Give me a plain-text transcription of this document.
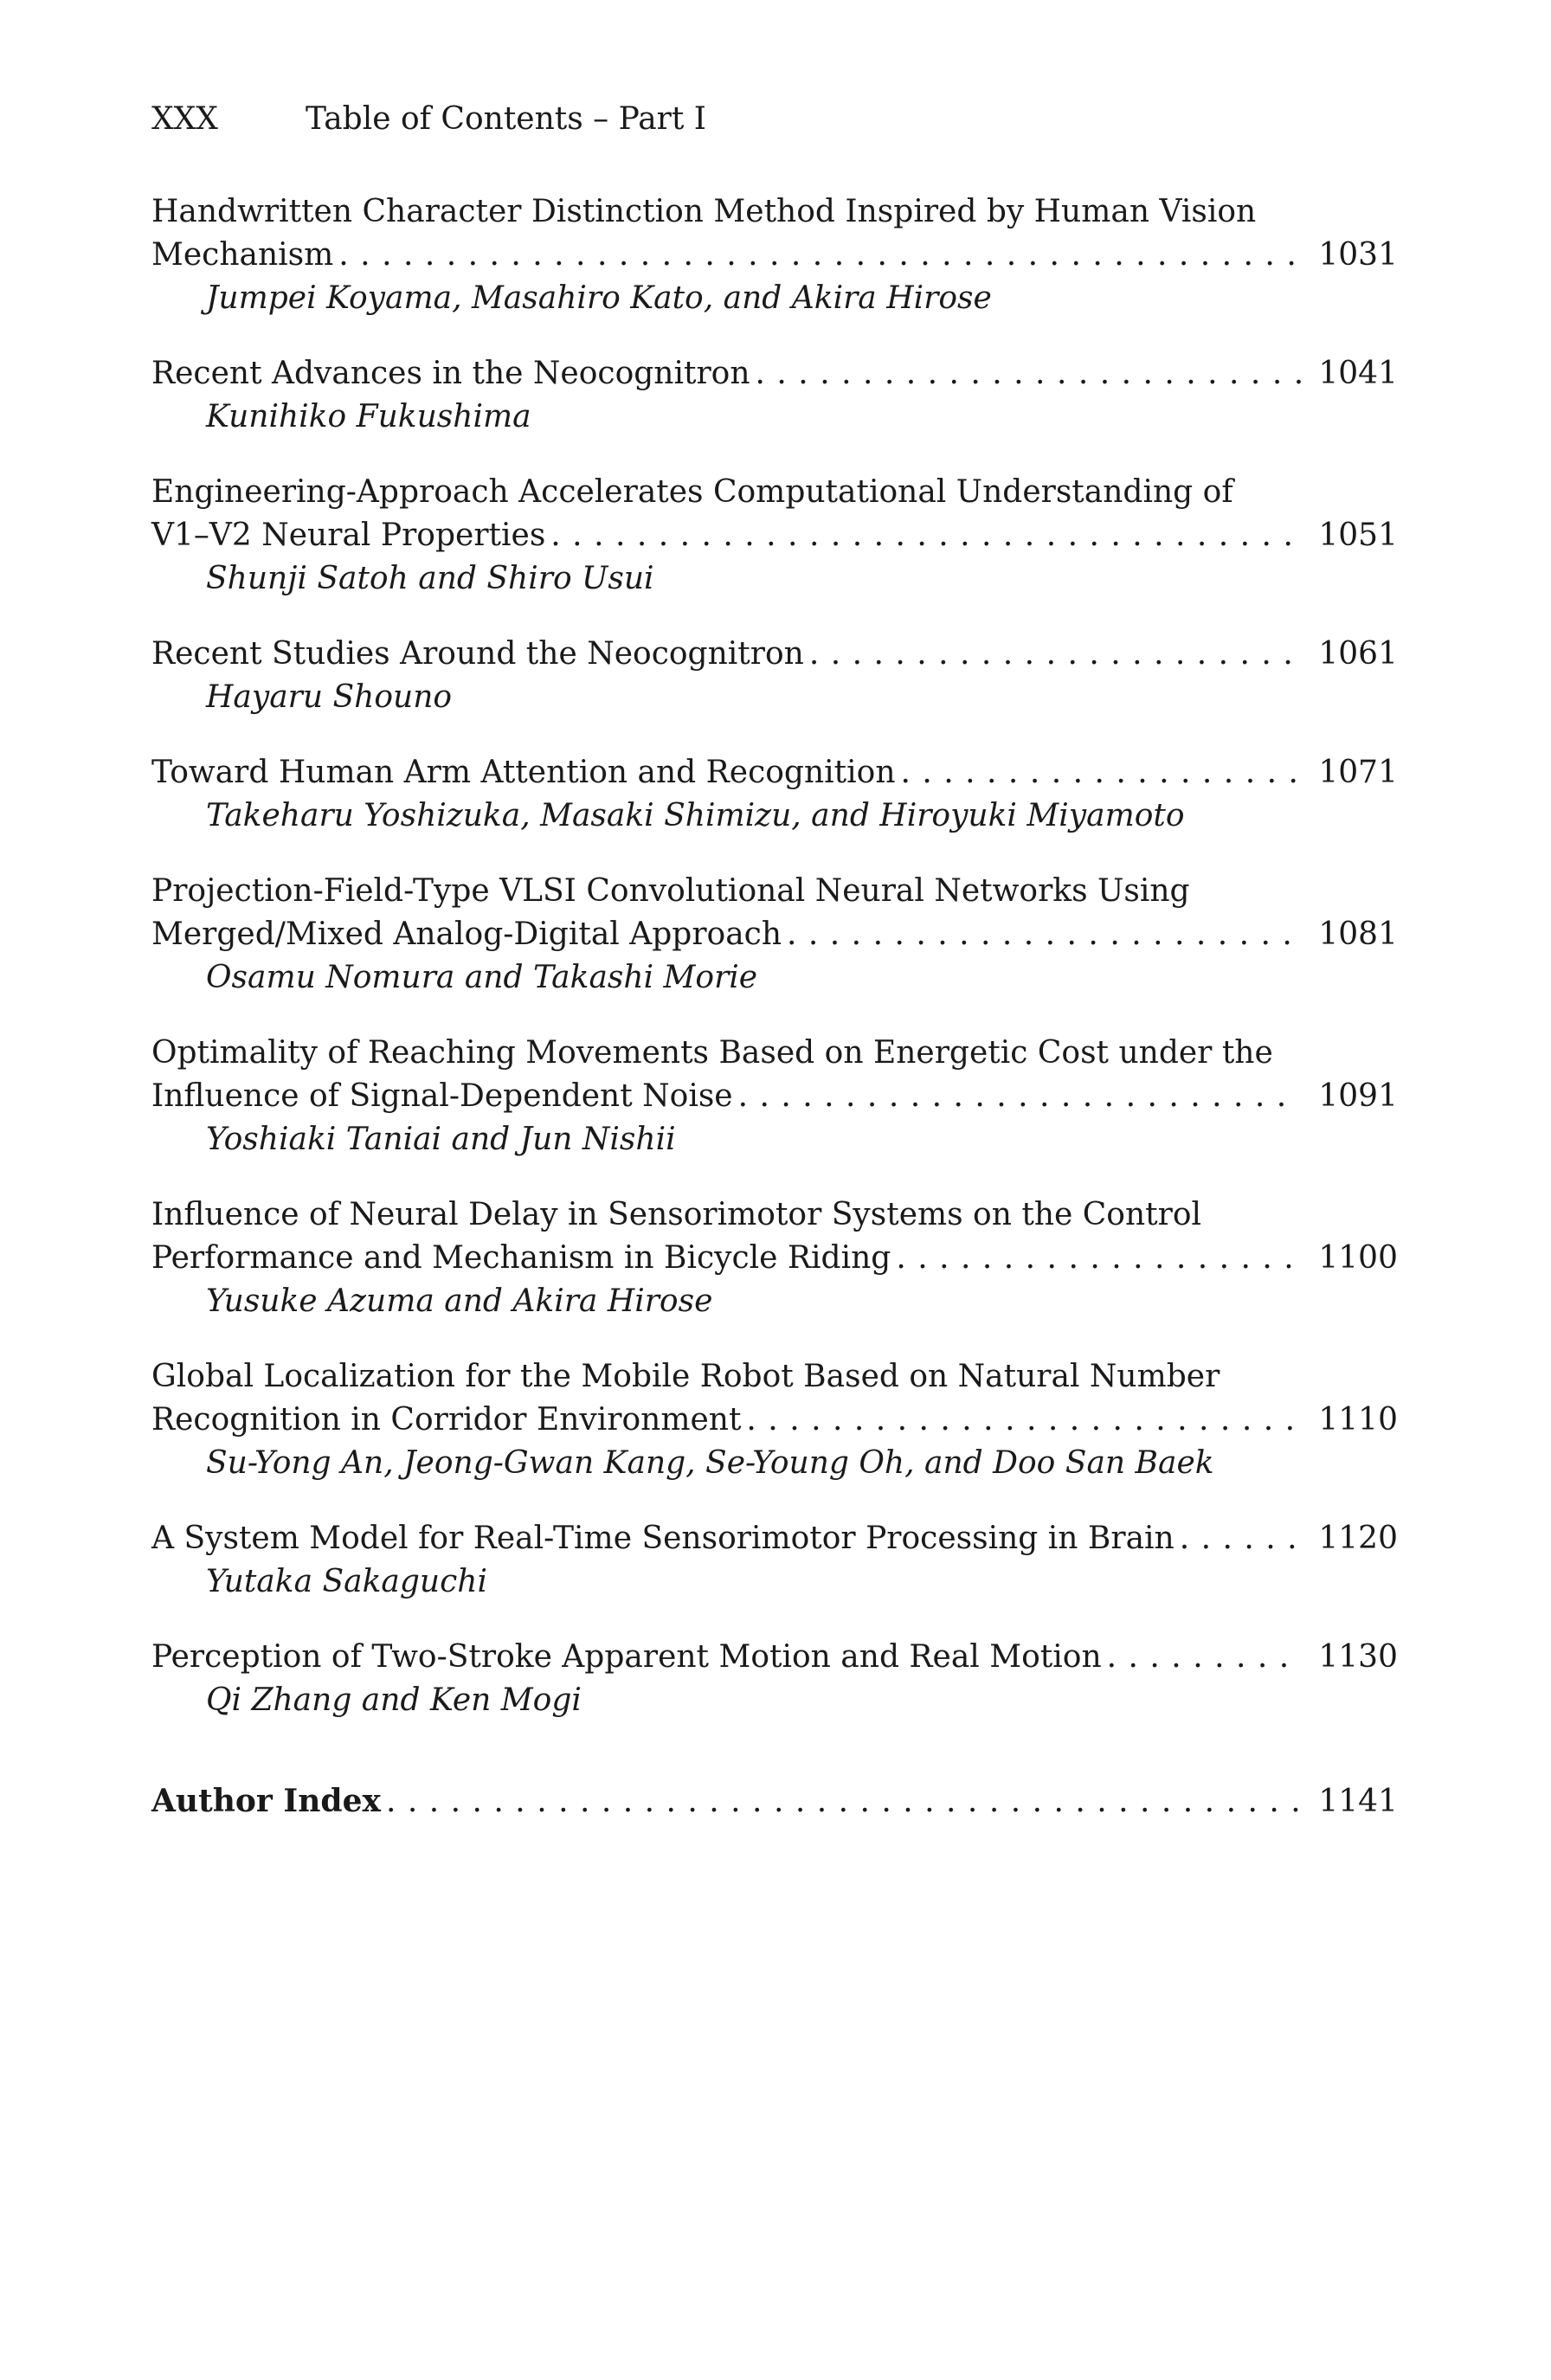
XXX	Table of Contents – Part I
Handwritten Character Distinction Method Inspired by Human Vision
Mechanism . . .	1031
Jumpei Koyama, Masahiro Kato, and Akira Hirose
Recent Advances in the Neocognitron . . .	1041
Kunihiko Fukushima
Engineering-Approach Accelerates Computational Understanding of
V1–V2 Neural Properties . . .	1051
Shunji Satoh and Shiro Usui
Recent Studies Around the Neocognitron . . .	1061
Hayaru Shouno
Toward Human Arm Attention and Recognition . . .	1071
Takeharu Yoshizuka, Masaki Shimizu, and Hiroyuki Miyamoto
Projection-Field-Type VLSI Convolutional Neural Networks Using
Merged/Mixed Analog-Digital Approach . . .	1081
Osamu Nomura and Takashi Morie
Optimality of Reaching Movements Based on Energetic Cost under the
Influence of Signal-Dependent Noise . . .	1091
Yoshiaki Taniai and Jun Nishii
Influence of Neural Delay in Sensorimotor Systems on the Control
Performance and Mechanism in Bicycle Riding . . .	1100
Yusuke Azuma and Akira Hirose
Global Localization for the Mobile Robot Based on Natural Number
Recognition in Corridor Environment . . .	1110
Su-Yong An, Jeong-Gwan Kang, Se-Young Oh, and Doo San Baek
A System Model for Real-Time Sensorimotor Processing in Brain . . .	1120
Yutaka Sakaguchi
Perception of Two-Stroke Apparent Motion and Real Motion . . .	1130
Qi Zhang and Ken Mogi
Author Index . . .	1141
